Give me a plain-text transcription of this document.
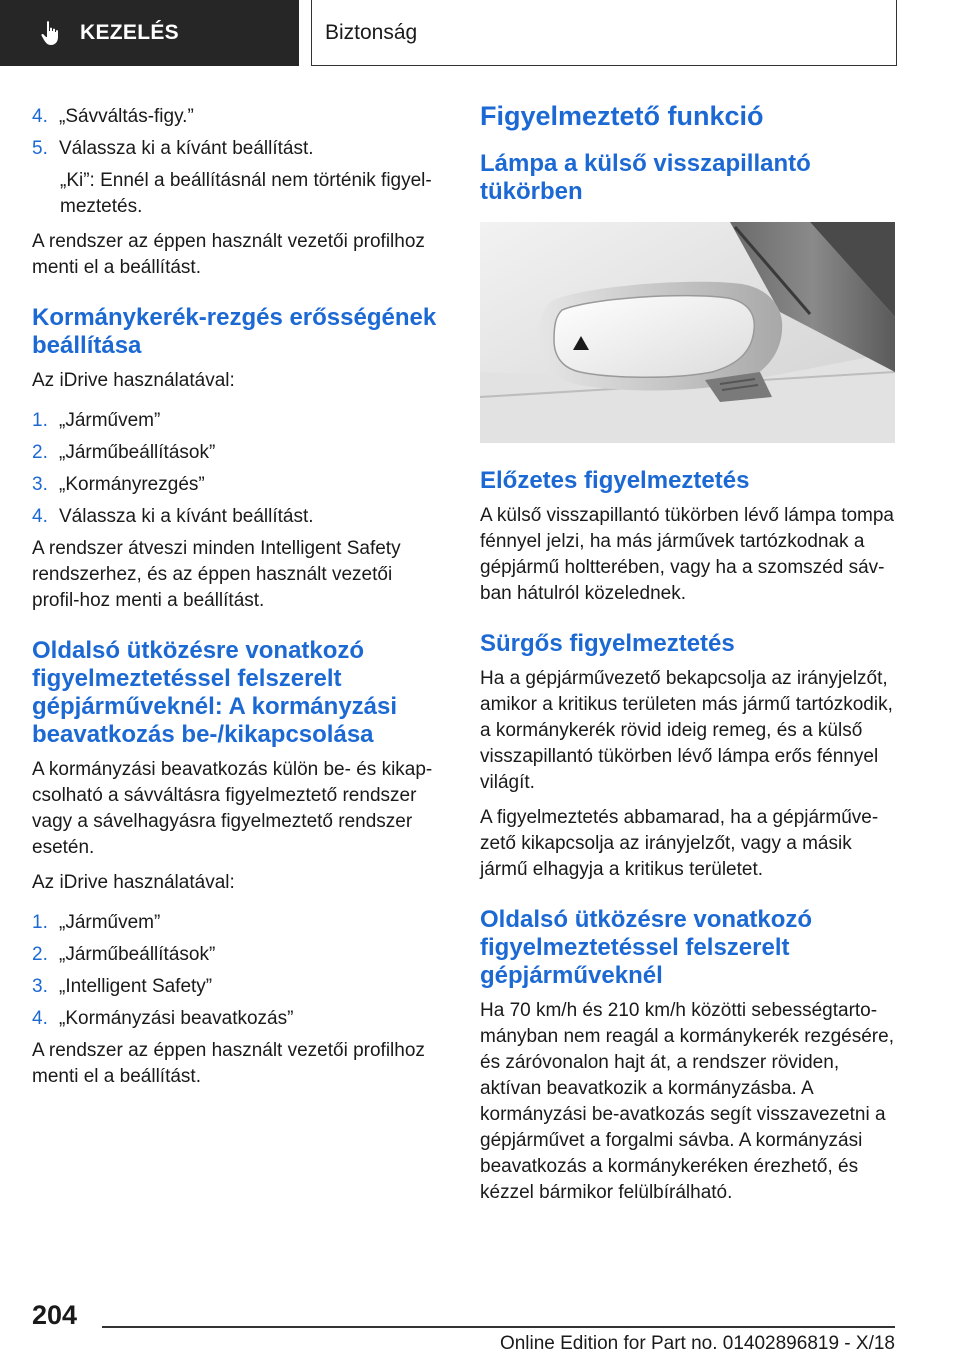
KEZELÉS	Biztonság
4. „Sávváltás-figy.”
5. Válassza ki a kívánt beállítást.

„Ki”: Ennél a beállításnál nem történik figyel-meztetés.

A rendszer az éppen használt vezetői profilhoz menti el a beállítást.

Kormánykerék-rezgés erősségének beállítása

Az iDrive használatával:

1. „Járművem”
2. „Járműbeállítások”
3. „Kormányrezgés”
4. Válassza ki a kívánt beállítást.

A rendszer átveszi minden Intelligent Safety rendszerhez, és az éppen használt vezetői profil-hoz menti a beállítást.

Oldalsó ütközésre vonatkozó figyelmeztetéssel felszerelt gépjárműveknél: A kormányzási beavatkozás be-/kikapcsolása

A kormányzási beavatkozás külön be- és kikap-csolható a sávváltásra figyelmeztető rendszer vagy a sávelhagyásra figyelmeztető rendszer esetén.

Az iDrive használatával:

1. „Járművem”
2. „Járműbeállítások”
3. „Intelligent Safety”
4. „Kormányzási beavatkozás”

A rendszer az éppen használt vezetői profilhoz menti el a beállítást.

Figyelmeztető funkció
Lámpa a külső visszapillantó tükörben
Előzetes figyelmeztetés

A külső visszapillantó tükörben lévő lámpa tompa fénnyel jelzi, ha más járművek tartózkodnak a gépjármű holtterében, vagy ha a szomszéd sáv-ban hátulról közelednek.

Sürgős figyelmeztetés

Ha a gépjárművezető bekapcsolja az irányjelzőt, amikor a kritikus területen más jármű tartózkodik, a kormánykerék rövid ideig remeg, és a külső visszapillantó tükörben lévő lámpa erős fénnyel világít.

A figyelmeztetés abbamarad, ha a gépjárműve-zető kikapcsolja az irányjelzőt, vagy a másik jármű elhagyja a kritikus területet.

Oldalsó ütközésre vonatkozó figyelmeztetéssel felszerelt gépjárműveknél

Ha 70 km/h és 210 km/h közötti sebességtarto-mányban nem reagál a kormánykerék rezgésére, és záróvonalon hajt át, a rendszer röviden, aktívan beavatkozik a kormányzásba. A kormányzási be-avatkozás segít visszavezetni a gépjárművet a forgalmi sávba. A kormányzási beavatkozás a kormánykeréken érezhető, és kézzel bármikor felülbírálható.

204
Online Edition for Part no. 01402896819 - X/18
